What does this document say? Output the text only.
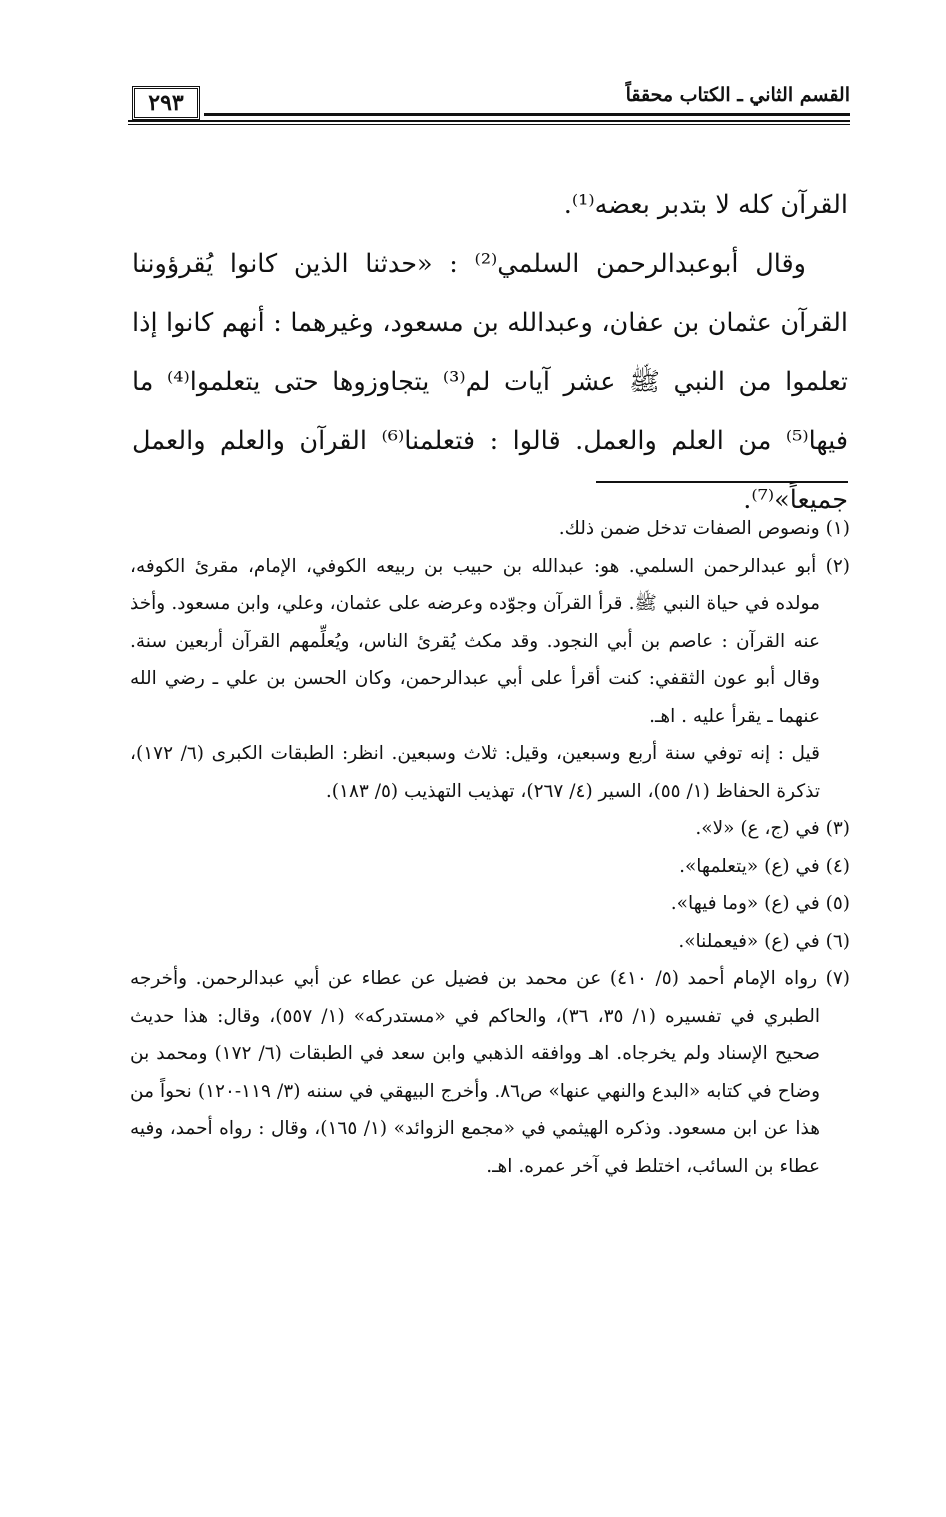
٢٩٣	القسم الثاني ـ الكتاب محققاً

القرآن كله لا بتدبر بعضه⁽¹⁾.

وقال أبوعبدالرحمن السلمي⁽²⁾ : «حدثنا الذين كانوا يُقرؤوننا القرآن عثمان بن عفان، وعبدالله بن مسعود، وغيرهما : أنهم كانوا إذا تعلموا من النبي ﷺ عشر آيات لم⁽³⁾ يتجاوزوها حتى يتعلموا⁽⁴⁾ ما فيها⁽⁵⁾ من العلم والعمل. قالوا : فتعلمنا⁽⁶⁾ القرآن والعلم والعمل جميعاً»⁽⁷⁾.

(١) ونصوص الصفات تدخل ضمن ذلك.

(٢) أبو عبدالرحمن السلمي. هو: عبدالله بن حبيب بن ربيعه الكوفي، الإمام، مقرئ الكوفه، مولده في حياة النبي ﷺ. قرأ القرآن وجوّده وعرضه على عثمان، وعلي، وابن مسعود. وأخذ عنه القرآن : عاصم بن أبي النجود. وقد مكث يُقرئ الناس، ويُعلِّمهم القرآن أربعين سنة. وقال أبو عون الثقفي: كنت أقرأ على أبي عبدالرحمن، وكان الحسن بن علي ـ رضي الله عنهما ـ يقرأ عليه . اهـ.

قيل : إنه توفي سنة أربع وسبعين، وقيل: ثلاث وسبعين. انظر: الطبقات الكبرى (٦/ ١٧٢)، تذكرة الحفاظ (١/ ٥٥)، السير (٤/ ٢٦٧)، تهذيب التهذيب (٥/ ١٨٣).

(٣) في (ج، ع) «لا».

(٤) في (ع) «يتعلمها».

(٥) في (ع) «وما فيها».

(٦) في (ع) «فيعملنا».

(٧) رواه الإمام أحمد (٥/ ٤١٠) عن محمد بن فضيل عن عطاء عن أبي عبدالرحمن. وأخرجه الطبري في تفسيره (١/ ٣٥، ٣٦)، والحاكم في «مستدركه» (١/ ٥٥٧)، وقال: هذا حديث صحيح الإسناد ولم يخرجاه. اهـ ووافقه الذهبي وابن سعد في الطبقات (٦/ ١٧٢) ومحمد بن وضاح في كتابه «البدع والنهي عنها» ص٨٦. وأخرج البيهقي في سننه (٣/ ١١٩-١٢٠) نحواً من هذا عن ابن مسعود. وذكره الهيثمي في «مجمع الزوائد» (١/ ١٦٥)، وقال : رواه أحمد، وفيه عطاء بن السائب، اختلط في آخر عمره. اهـ.
